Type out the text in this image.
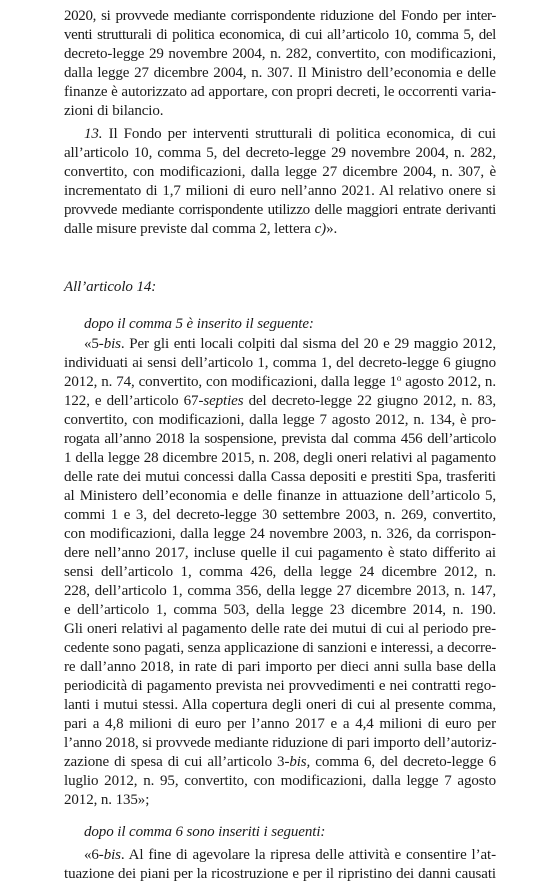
2020, si provvede mediante corrispondente riduzione del Fondo per inter-
venti strutturali di politica economica, di cui all’articolo 10, comma 5, del
decreto-legge 29 novembre 2004, n. 282, convertito, con modificazioni,
dalla legge 27 dicembre 2004, n. 307. Il Ministro dell’economia e delle
finanze è autorizzato ad apportare, con propri decreti, le occorrenti varia-
zioni di bilancio.
13. Il Fondo per interventi strutturali di politica economica, di cui
all’articolo 10, comma 5, del decreto-legge 29 novembre 2004, n. 282,
convertito, con modificazioni, dalla legge 27 dicembre 2004, n. 307, è
incrementato di 1,7 milioni di euro nell’anno 2021. Al relativo onere si
provvede mediante corrispondente utilizzo delle maggiori entrate derivanti
dalle misure previste dal comma 2, lettera c)».
All’articolo 14:
dopo il comma 5 è inserito il seguente:
«5-bis. Per gli enti locali colpiti dal sisma del 20 e 29 maggio 2012,
individuati ai sensi dell’articolo 1, comma 1, del decreto-legge 6 giugno
2012, n. 74, convertito, con modificazioni, dalla legge 1$^o$ agosto 2012, n.
122, e dell’articolo 67-septies del decreto-legge 22 giugno 2012, n. 83,
convertito, con modificazioni, dalla legge 7 agosto 2012, n. 134, è pro-
rogata all’anno 2018 la sospensione, prevista dal comma 456 dell’articolo
1 della legge 28 dicembre 2015, n. 208, degli oneri relativi al pagamento
delle rate dei mutui concessi dalla Cassa depositi e prestiti Spa, trasferiti
al Ministero dell’economia e delle finanze in attuazione dell’articolo 5,
commi 1 e 3, del decreto-legge 30 settembre 2003, n. 269, convertito,
con modificazioni, dalla legge 24 novembre 2003, n. 326, da corrispon-
dere nell’anno 2017, incluse quelle il cui pagamento è stato differito ai
sensi dell’articolo 1, comma 426, della legge 24 dicembre 2012, n.
228, dell’articolo 1, comma 356, della legge 27 dicembre 2013, n. 147,
e dell’articolo 1, comma 503, della legge 23 dicembre 2014, n. 190.
Gli oneri relativi al pagamento delle rate dei mutui di cui al periodo pre-
cedente sono pagati, senza applicazione di sanzioni e interessi, a decorre-
re dall’anno 2018, in rate di pari importo per dieci anni sulla base della
periodicità di pagamento prevista nei provvedimenti e nei contratti rego-
lanti i mutui stessi. Alla copertura degli oneri di cui al presente comma,
pari a 4,8 milioni di euro per l’anno 2017 e a 4,4 milioni di euro per
l’anno 2018, si provvede mediante riduzione di pari importo dell’autoriz-
zazione di spesa di cui all’articolo 3-bis, comma 6, del decreto-legge 6
luglio 2012, n. 95, convertito, con modificazioni, dalla legge 7 agosto
2012, n. 135»;
dopo il comma 6 sono inseriti i seguenti:
«6-bis. Al fine di agevolare la ripresa delle attività e consentire l’at-
tuazione dei piani per la ricostruzione e per il ripristino dei danni causati
